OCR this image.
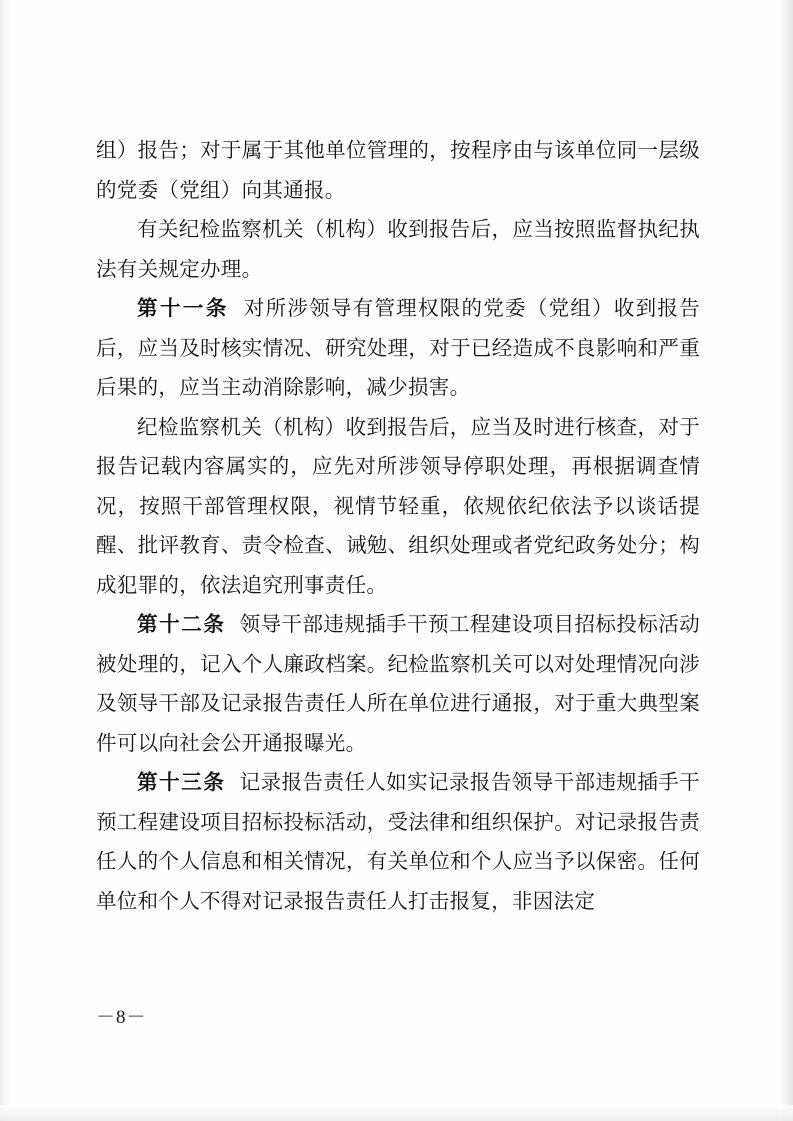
组）报告；对于属于其他单位管理的，按程序由与该单位同一层级的党委（党组）向其通报。

有关纪检监察机关（机构）收到报告后，应当按照监督执纪执法有关规定办理。

第十一条 对所涉领导有管理权限的党委（党组）收到报告后，应当及时核实情况、研究处理，对于已经造成不良影响和严重后果的，应当主动消除影响，减少损害。

纪检监察机关（机构）收到报告后，应当及时进行核查，对于报告记载内容属实的，应先对所涉领导停职处理，再根据调查情况，按照干部管理权限，视情节轻重，依规依纪依法予以谈话提醒、批评教育、责令检查、诫勉、组织处理或者党纪政务处分；构成犯罪的，依法追究刑事责任。

第十二条 领导干部违规插手干预工程建设项目招标投标活动被处理的，记入个人廉政档案。纪检监察机关可以对处理情况向涉及领导干部及记录报告责任人所在单位进行通报，对于重大典型案件可以向社会公开通报曝光。

第十三条 记录报告责任人如实记录报告领导干部违规插手干预工程建设项目招标投标活动，受法律和组织保护。对记录报告责任人的个人信息和相关情况，有关单位和个人应当予以保密。任何单位和个人不得对记录报告责任人打击报复，非因法定

－8－
